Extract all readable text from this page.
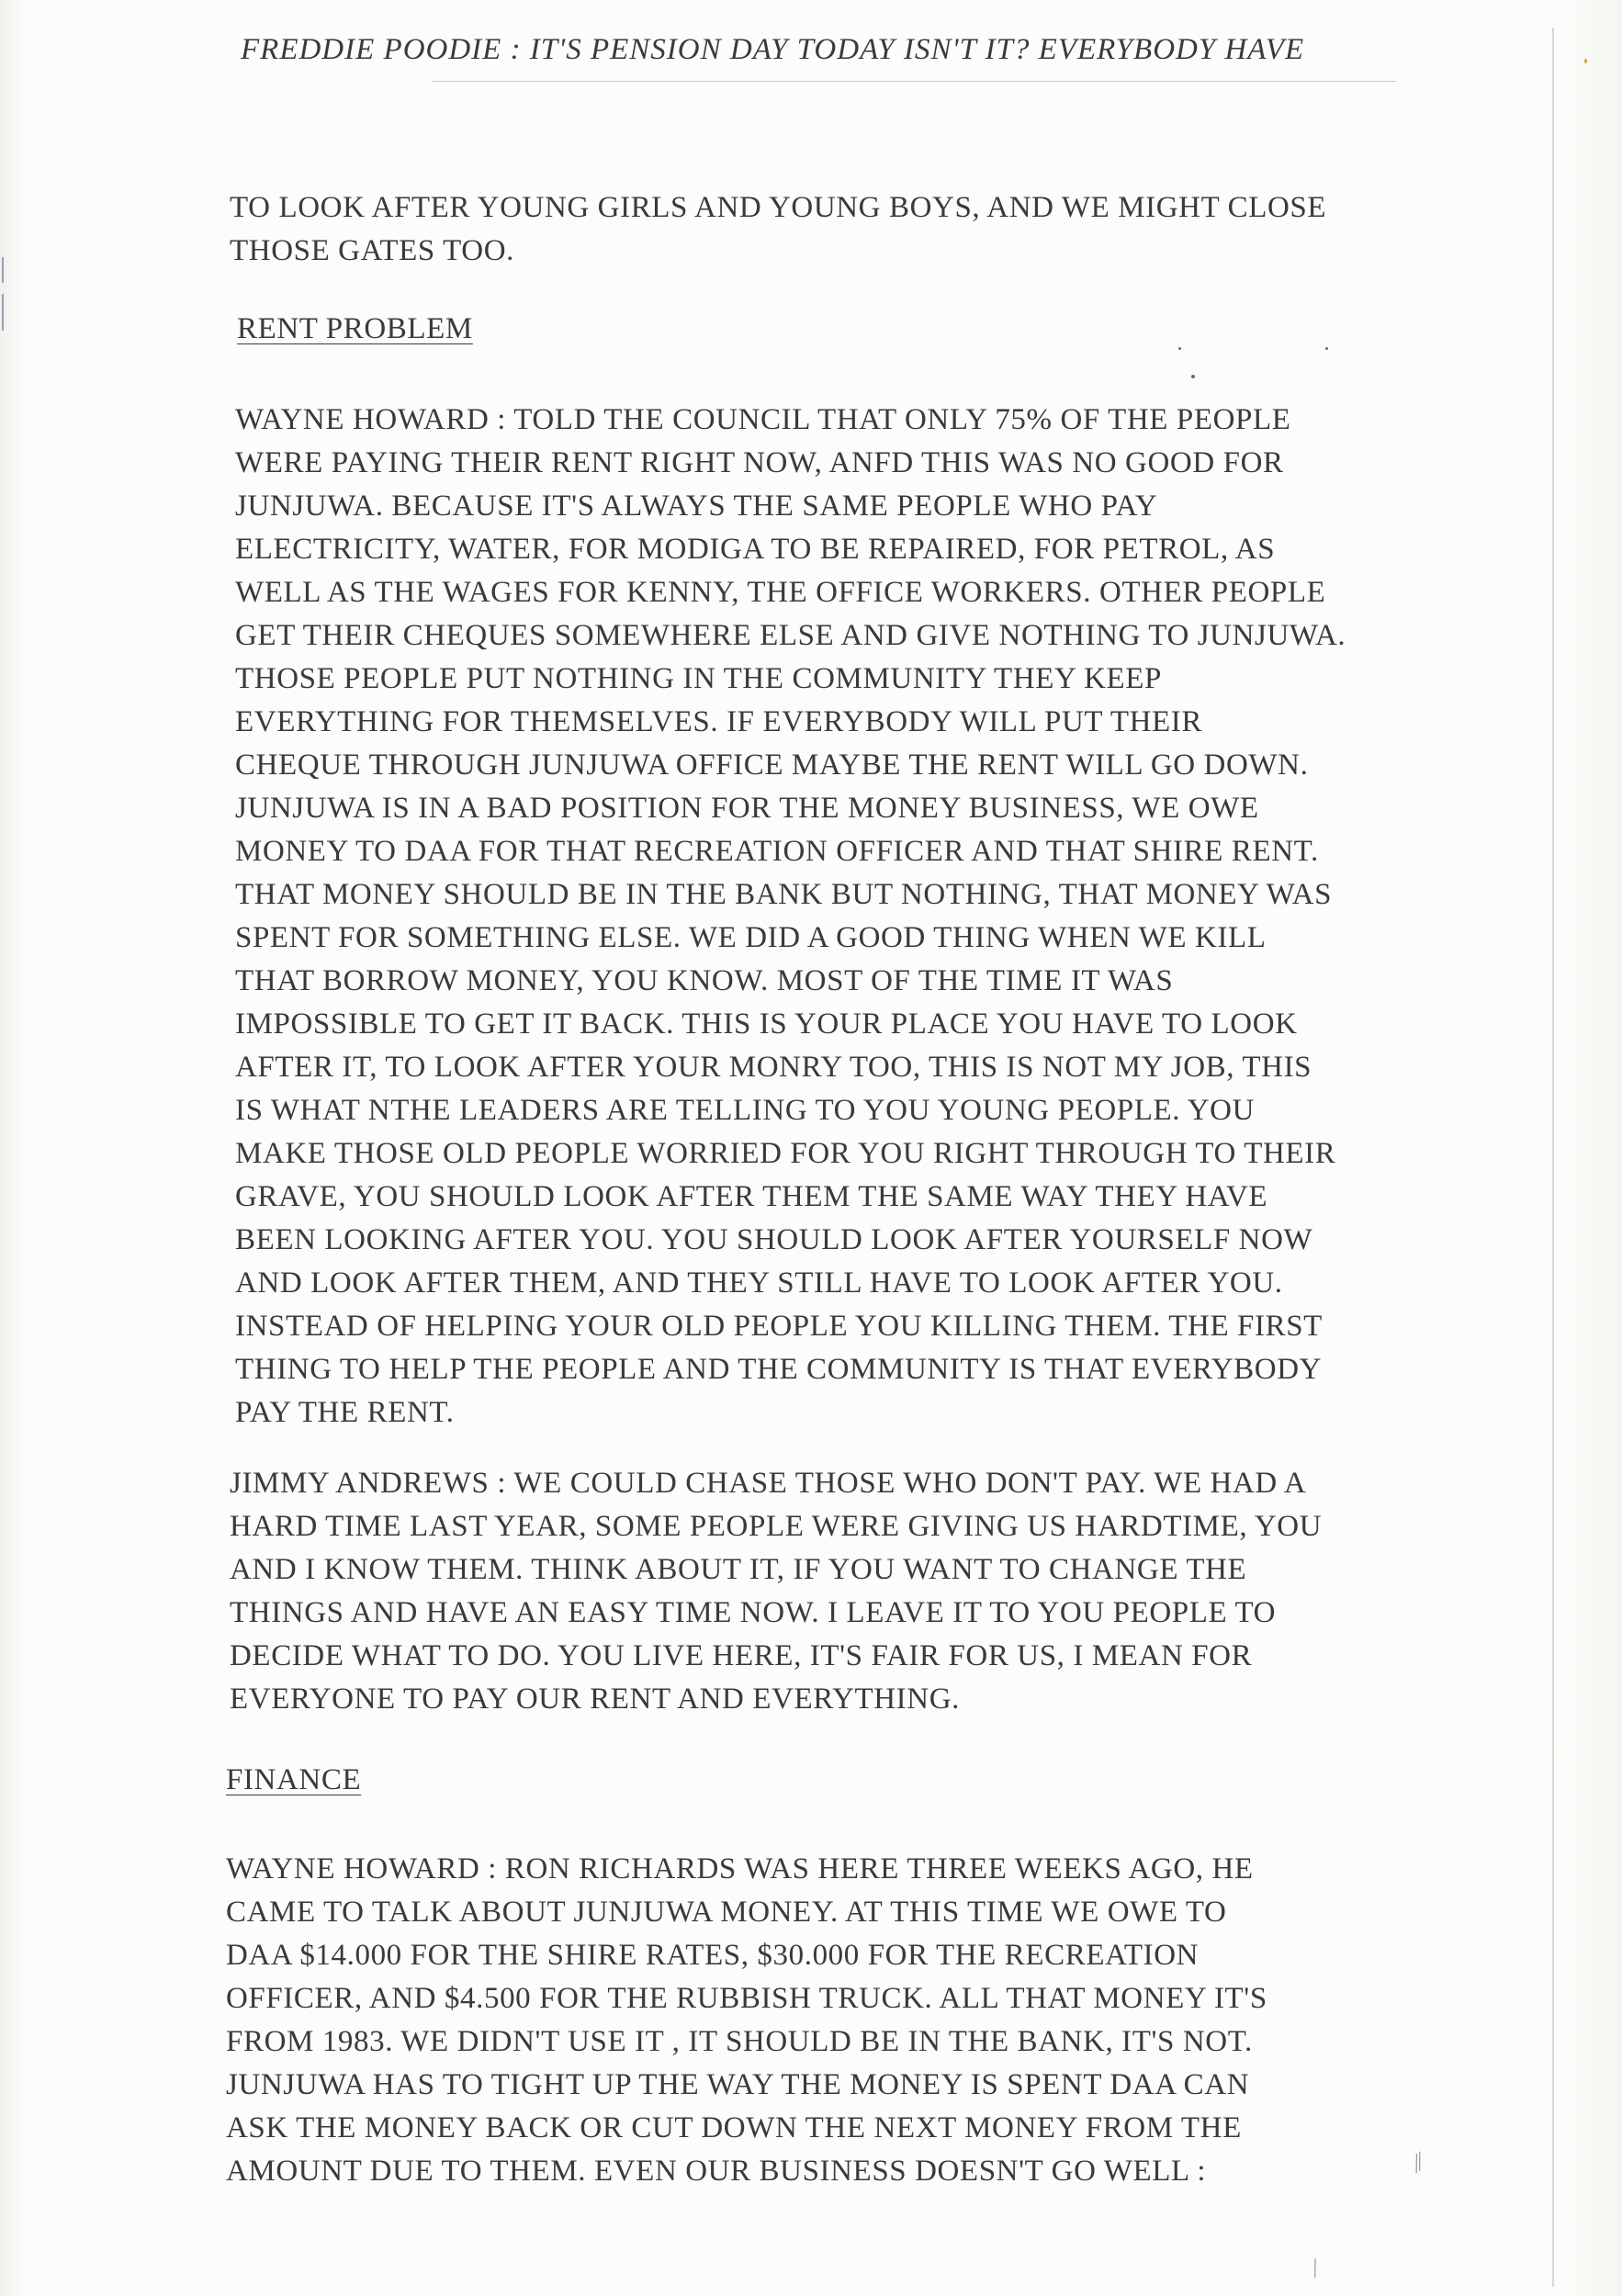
FREDDIE POODIE : IT'S PENSION DAY TODAY ISN'T IT? EVERYBODY HAVE
TO LOOK AFTER YOUNG GIRLS AND YOUNG BOYS, AND WE MIGHT CLOSE
THOSE GATES TOO.
RENT PROBLEM
WAYNE HOWARD : TOLD THE COUNCIL THAT ONLY 75% OF THE PEOPLE
WERE PAYING THEIR RENT RIGHT NOW, ANFD THIS WAS NO GOOD FOR
JUNJUWA. BECAUSE IT'S ALWAYS THE SAME PEOPLE WHO PAY
ELECTRICITY, WATER, FOR MODIGA TO BE REPAIRED, FOR PETROL, AS
WELL AS THE WAGES FOR KENNY, THE OFFICE WORKERS. OTHER PEOPLE
GET THEIR CHEQUES SOMEWHERE ELSE AND GIVE NOTHING TO JUNJUWA.
THOSE PEOPLE PUT NOTHING IN THE COMMUNITY THEY KEEP
EVERYTHING FOR THEMSELVES. IF EVERYBODY WILL PUT THEIR
CHEQUE THROUGH JUNJUWA OFFICE MAYBE THE RENT WILL GO DOWN.
JUNJUWA IS IN A BAD POSITION FOR THE MONEY BUSINESS, WE OWE
MONEY TO DAA FOR THAT RECREATION OFFICER AND THAT SHIRE RENT.
THAT MONEY SHOULD BE IN THE BANK BUT NOTHING, THAT MONEY WAS
SPENT FOR SOMETHING ELSE. WE DID A GOOD THING WHEN WE KILL
THAT BORROW MONEY, YOU KNOW. MOST OF THE TIME IT WAS
IMPOSSIBLE TO GET IT BACK. THIS IS YOUR PLACE YOU HAVE TO LOOK
AFTER IT, TO LOOK AFTER YOUR MONRY TOO, THIS IS NOT MY JOB, THIS
IS WHAT NTHE LEADERS ARE TELLING TO YOU YOUNG PEOPLE. YOU
MAKE THOSE OLD PEOPLE WORRIED FOR YOU RIGHT THROUGH TO THEIR
GRAVE, YOU SHOULD LOOK AFTER THEM THE SAME WAY THEY HAVE
BEEN LOOKING AFTER YOU. YOU SHOULD LOOK AFTER YOURSELF NOW
AND LOOK AFTER THEM, AND THEY STILL HAVE TO LOOK AFTER YOU.
INSTEAD OF HELPING YOUR OLD PEOPLE YOU KILLING THEM. THE FIRST
THING TO HELP THE PEOPLE AND THE COMMUNITY IS THAT EVERYBODY
PAY THE RENT.
JIMMY ANDREWS : WE COULD CHASE THOSE WHO DON'T PAY. WE HAD A
HARD TIME LAST YEAR, SOME PEOPLE WERE GIVING US HARDTIME, YOU
AND I KNOW THEM. THINK ABOUT IT, IF YOU WANT TO CHANGE THE
THINGS AND HAVE AN EASY TIME NOW. I LEAVE IT TO YOU PEOPLE TO
DECIDE WHAT TO DO. YOU LIVE HERE, IT'S FAIR FOR US, I MEAN FOR
EVERYONE TO PAY OUR RENT AND EVERYTHING.
FINANCE
WAYNE HOWARD : RON RICHARDS WAS HERE THREE WEEKS AGO, HE
CAME TO TALK ABOUT JUNJUWA MONEY. AT THIS TIME WE OWE TO
DAA $14.000 FOR THE SHIRE RATES, $30.000 FOR THE RECREATION
OFFICER, AND $4.500 FOR THE RUBBISH TRUCK. ALL THAT MONEY IT'S
FROM 1983. WE DIDN'T USE IT , IT SHOULD BE IN THE BANK, IT'S NOT.
JUNJUWA HAS TO TIGHT UP THE WAY THE MONEY IS SPENT DAA CAN
ASK THE MONEY BACK OR CUT DOWN THE NEXT MONEY FROM THE
AMOUNT DUE TO THEM. EVEN OUR BUSINESS DOESN'T GO WELL :	⁄⁄
⁄
